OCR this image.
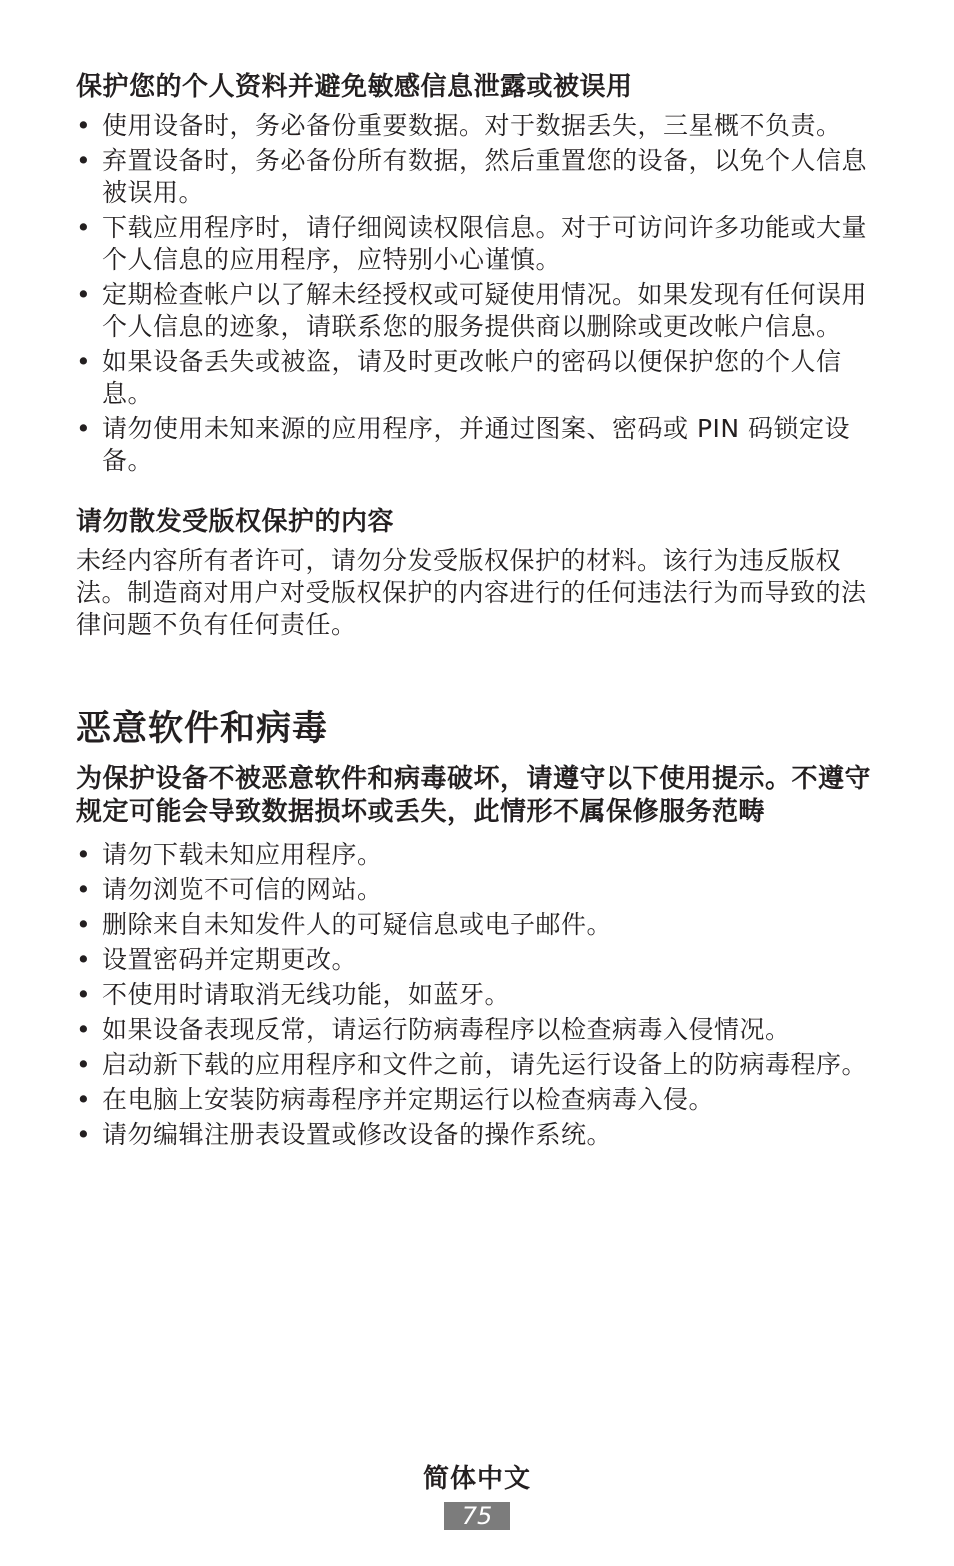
保护您的个人资料并避免敏感信息泄露或被误用
• 使用设备时，务必备份重要数据。对于数据丢失，三星概不负责。
• 弃置设备时，务必备份所有数据，然后重置您的设备，以免个人信息被误用。
• 下载应用程序时，请仔细阅读权限信息。对于可访问许多功能或大量个人信息的应用程序，应特别小心谨慎。
• 定期检查帐户以了解未经授权或可疑使用情况。如果发现有任何误用个人信息的迹象，请联系您的服务提供商以删除或更改帐户信息。
• 如果设备丢失或被盗，请及时更改帐户的密码以便保护您的个人信息。
• 请勿使用未知来源的应用程序，并通过图案、密码或 PIN 码锁定设备。
请勿散发受版权保护的内容

未经内容所有者许可，请勿分发受版权保护的材料。该行为违反版权法。制造商对用户对受版权保护的内容进行的任何违法行为而导致的法律问题不负有任何责任。

恶意软件和病毒

为保护设备不被恶意软件和病毒破坏，请遵守以下使用提示。不遵守规定可能会导致数据损坏或丢失，此情形不属保修服务范畴

• 请勿下载未知应用程序。
• 请勿浏览不可信的网站。
• 删除来自未知发件人的可疑信息或电子邮件。
• 设置密码并定期更改。
• 不使用时请取消无线功能，如蓝牙。
• 如果设备表现反常，请运行防病毒程序以检查病毒入侵情况。
• 启动新下载的应用程序和文件之前，请先运行设备上的防病毒程序。
• 在电脑上安装防病毒程序并定期运行以检查病毒入侵。
• 请勿编辑注册表设置或修改设备的操作系统。
简体中文
75
